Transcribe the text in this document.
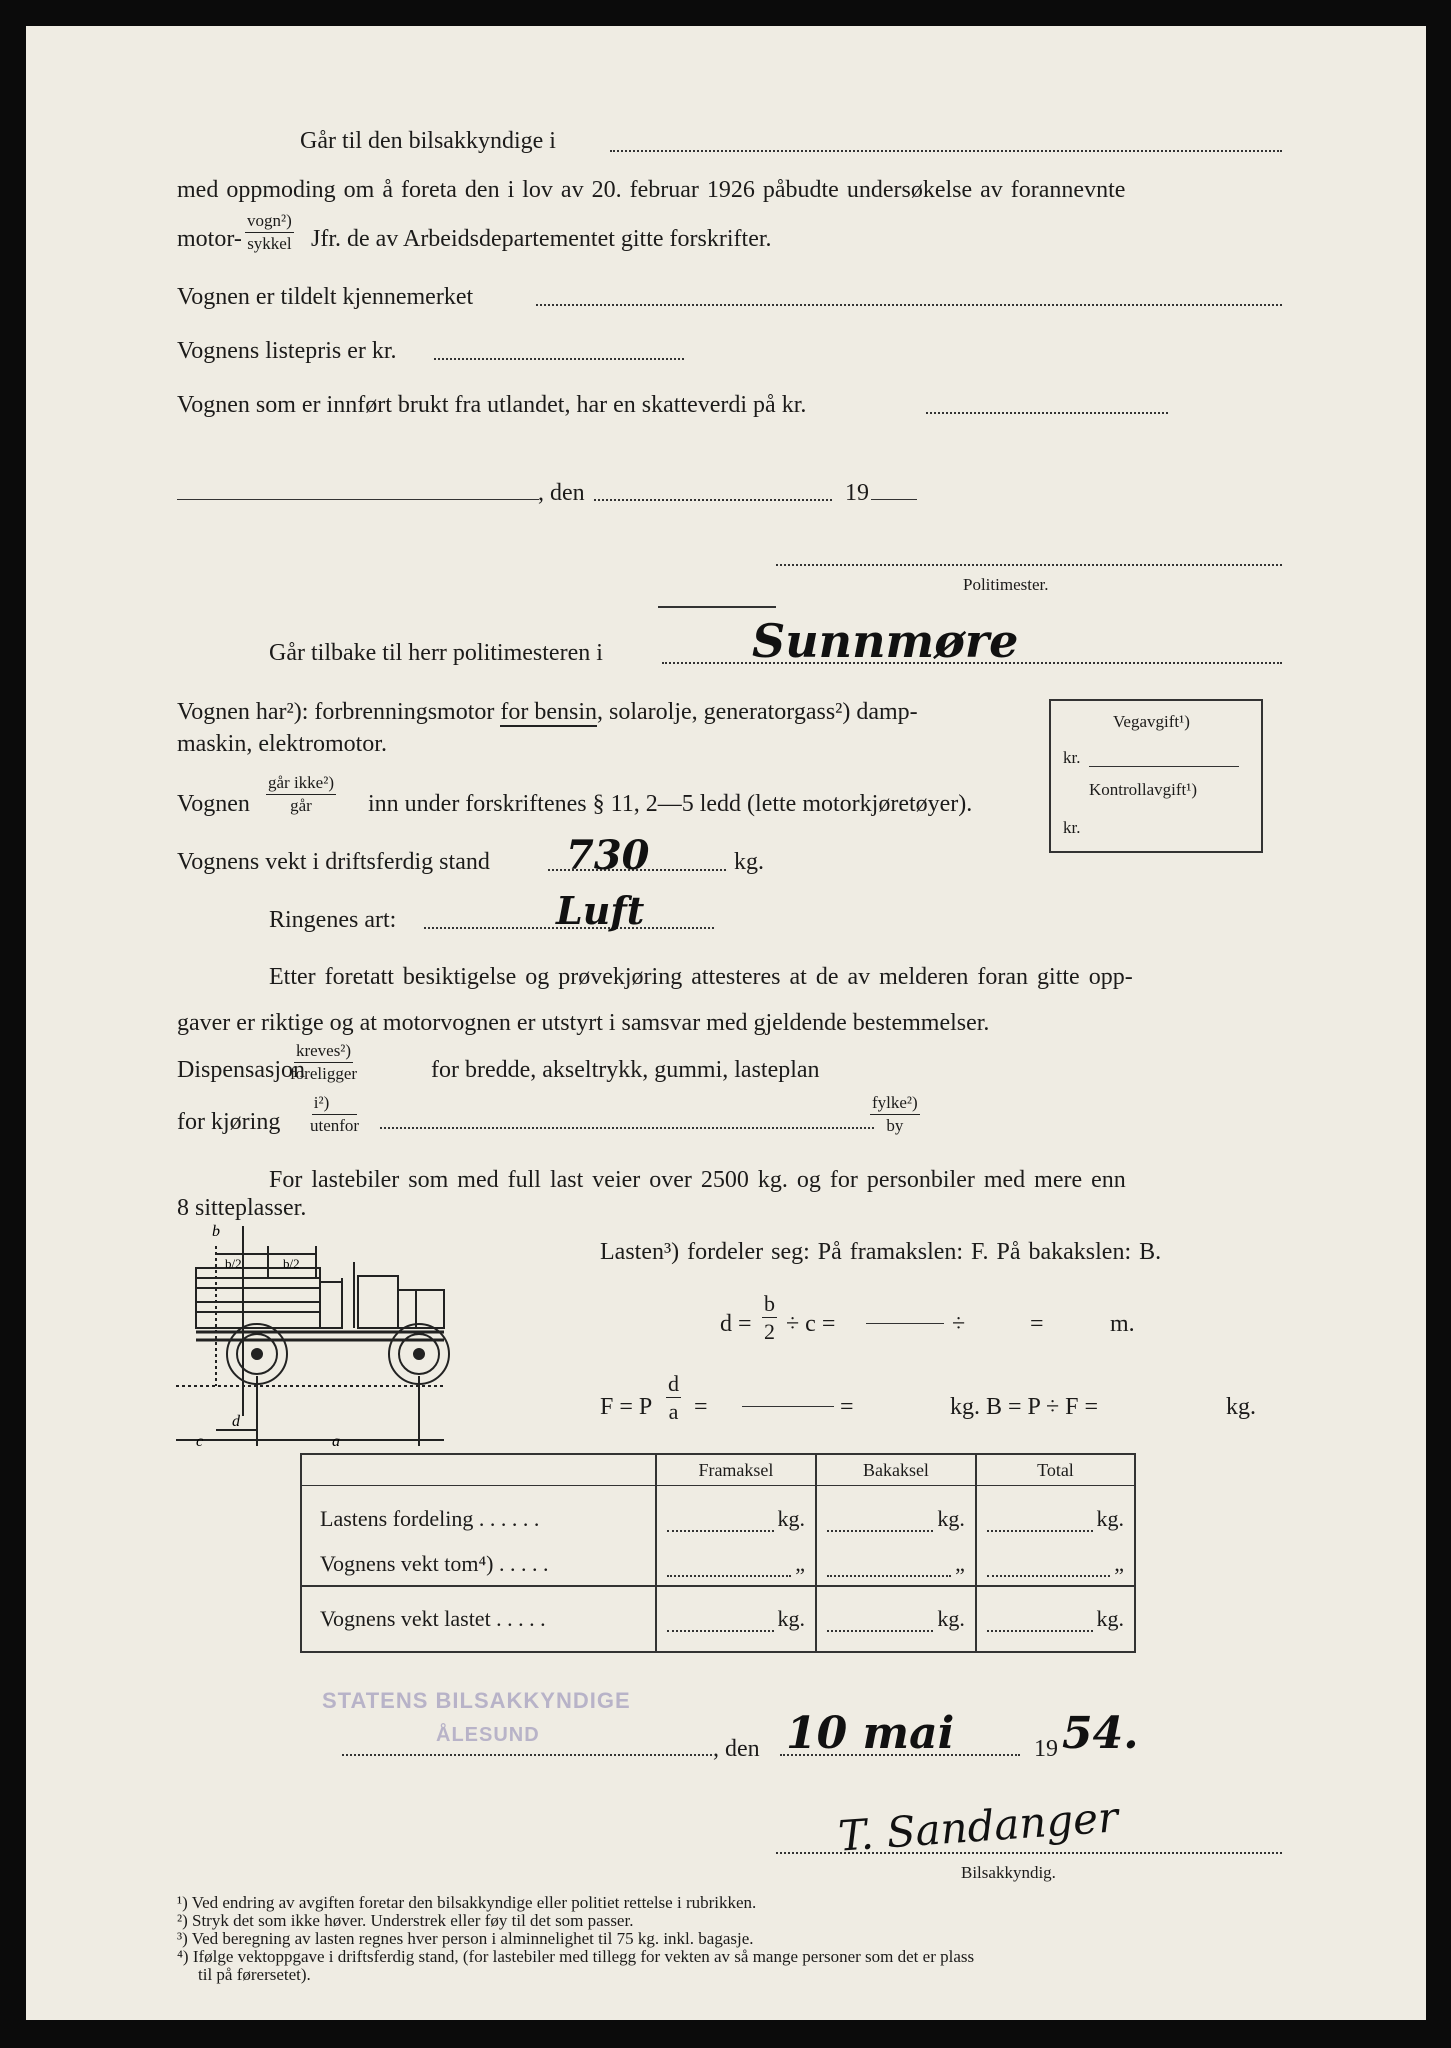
Går til den bilsakkyndige i
med oppmoding om å foreta den i lov av 20. februar 1926 påbudte undersøkelse av forannevnte
motor-
vogn²)
sykkel Jfr. de av Arbeidsdepartementet gitte forskrifter.
Vognen er tildelt kjennemerket
Vognens listepris er kr.
Vognen som er innført brukt fra utlandet, har en skatteverdi på kr.
, den	19
Politimester.
Går tilbake til herr politimesteren i	Sunnmøre
Vognen har²): forbrenningsmotor for bensin, solarolje, generatorgass²) damp-
maskin, elektromotor.
Vognen
går ikke²)
går inn under forskriftenes § 11, 2—5 ledd (lette motorkjøretøyer).
Vognens vekt i driftsferdig stand 730	kg.
Ringenes art:	Luft
Vegavgift¹)
kr.
Kontrollavgift¹)
kr.
Etter foretatt besiktigelse og prøvekjøring attesteres at de av melderen foran gitte opp-
gaver er riktige og at motorvognen er utstyrt i samsvar med gjeldende bestemmelser.
Dispensasjon
kreves²)
foreligger	for bredde, akseltrykk, gummi, lasteplan
for kjøring
i²)
utenfor
fylke²)
by
For lastebiler som med full last veier over 2500 kg. og for personbiler med mere enn
8 sitteplasser.
b
b/2	b/2
c
d
a
Lasten³) fordeler seg: På framakslen: F. På bakakslen: B.
$d = \frac{b}{2} \div c$ =	÷	=	m.
F = P $\frac{d}{a}$ =	=	kg. B = P ÷ F =	kg.
	Framaksel	Bakaksel	Total
Lastens fordeling . . . . . .	kg.	kg.	kg.

Vognens vekt tom⁴) . . . . .	„	„	„

Vognens vekt lastet . . . . .	kg.	kg.	kg.
STATENS BILSAKKYNDIGE
ÅLESUND
, den 10 mai	19 54.
T. Sandanger
Bilsakkyndig.
¹) Ved endring av avgiften foretar den bilsakkyndige eller politiet rettelse i rubrikken.
²) Stryk det som ikke høver. Understrek eller føy til det som passer.
³) Ved beregning av lasten regnes hver person i alminnelighet til 75 kg. inkl. bagasje.
⁴) Ifølge vektoppgave i driftsferdig stand, (for lastebiler med tillegg for vekten av så mange personer som det er plass
til på førersetet).
